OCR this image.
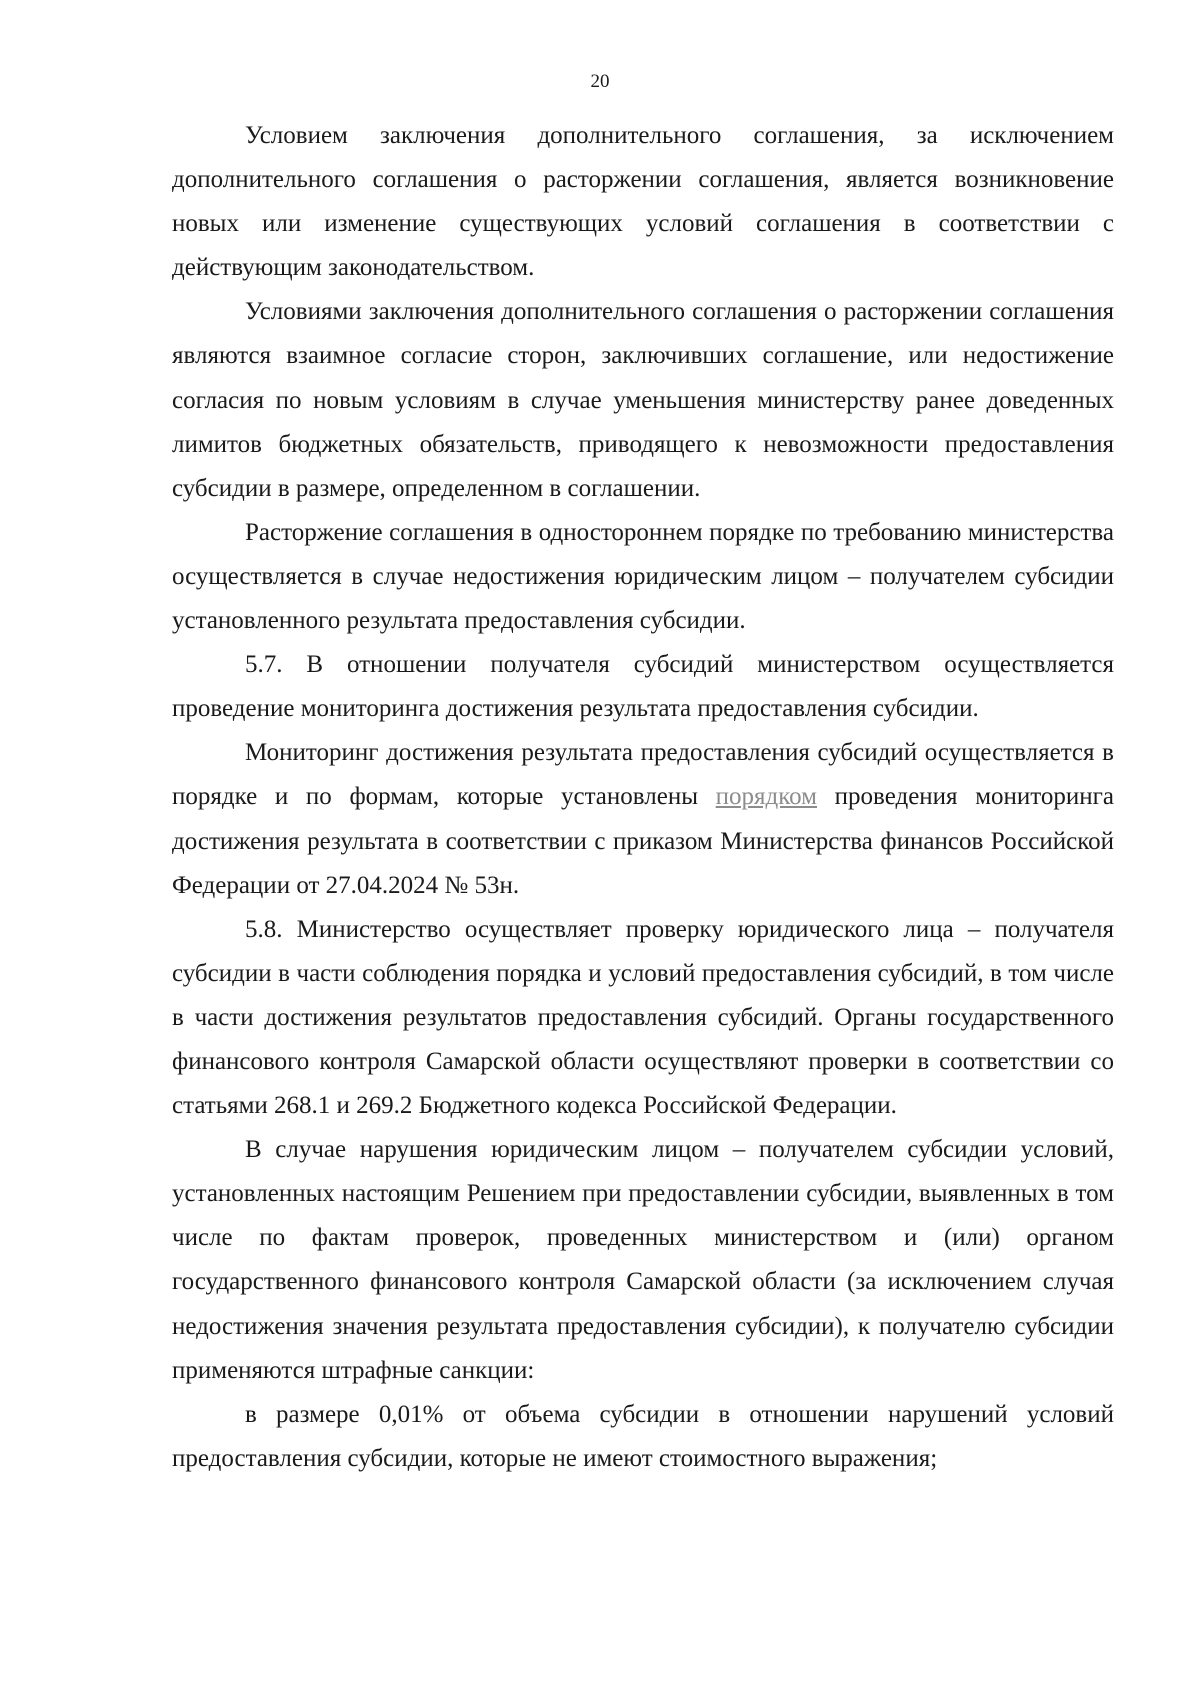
20

Условием заключения дополнительного соглашения, за исключением дополнительного соглашения о расторжении соглашения, является возникновение новых или изменение существующих условий соглашения в соответствии с действующим законодательством.

Условиями заключения дополнительного соглашения о расторжении соглашения являются взаимное согласие сторон, заключивших соглашение, или недостижение согласия по новым условиям в случае уменьшения министерству ранее доведенных лимитов бюджетных обязательств, приводящего к невозможности предоставления субсидии в размере, определенном в соглашении.

Расторжение соглашения в одностороннем порядке по требованию министерства осуществляется в случае недостижения юридическим лицом – получателем субсидии установленного результата предоставления субсидии.

5.7. В отношении получателя субсидий министерством осуществляется проведение мониторинга достижения результата предоставления субсидии.

Мониторинг достижения результата предоставления субсидий осуществляется в порядке и по формам, которые установлены порядком проведения мониторинга достижения результата в соответствии с приказом Министерства финансов Российской Федерации от 27.04.2024 № 53н.

5.8. Министерство осуществляет проверку юридического лица – получателя субсидии в части соблюдения порядка и условий предоставления субсидий, в том числе в части достижения результатов предоставления субсидий. Органы государственного финансового контроля Самарской области осуществляют проверки в соответствии со статьями 268.1 и 269.2 Бюджетного кодекса Российской Федерации.

В случае нарушения юридическим лицом – получателем субсидии условий, установленных настоящим Решением при предоставлении субсидии, выявленных в том числе по фактам проверок, проведенных министерством и (или) органом государственного финансового контроля Самарской области (за исключением случая недостижения значения результата предоставления субсидии), к получателю субсидии применяются штрафные санкции:

в размере 0,01% от объема субсидии в отношении нарушений условий предоставления субсидии, которые не имеют стоимостного выражения;
